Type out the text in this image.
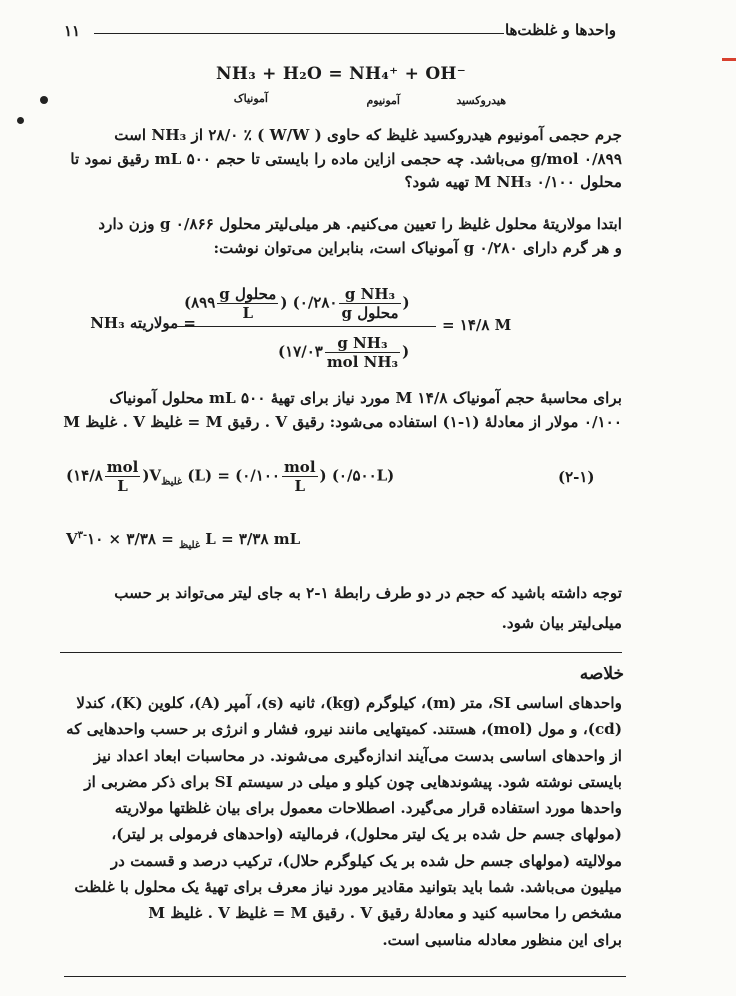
١١	واحدها و غلظت‌ها
NH₃ + H₂O = NH₄⁺ + OH⁻
آمونیاک	آمونیوم	هیدروکسید

جرم حجمی آمونیوم هیدروکسید غلیظ که حاوی ( W/W ) ٪ ۲۸/۰ از NH₃ است

g/mol ۰/۸۹۹ می‌باشد. چه حجمی ازاین ماده را بایستی تا حجم mL ۵۰۰ رقیق نمود تا

محلول M NH₃ ۰/۱۰۰ تهیه شود؟

ابتدا مولاریتهٔ محلول غلیظ را تعیین می‌کنیم. هر میلی‌لیتر محلول g ۰/۸۶۶ وزن دارد

و هر گرم دارای g ۰/۲۸۰ آمونیاک است، بنابراین می‌توان نوشت:

NH₃ مولاریته =
(۸۹۹ $\frac{\text{g محلول}}{L}$ ) (۰/۲۸۰ $\frac{\text{g NH₃}}{\text{g محلول}}$ )
(۱۷/۰۳ $\frac{\text{g NH₃}}{\text{mol NH₃}}$ )
= ۱۴/۸ M

برای محاسبهٔ حجم آمونیاک M ۱۴/۸ مورد نیاز برای تهیهٔ mL ۵۰۰ محلول آمونیاک

۰/۱۰۰ مولار از معادلهٔ (۱-۱) استفاده می‌شود: رقیق V . رقیق M = غلیظ V . غلیظ M

(۱۴/۸ $\frac{\text{mol}}{L} )V_{غلیظ}$ (L) = (۰/۱۰۰ $\frac{\text{mol}}{L}$ ) (۰/۵۰۰L)	(۲-۱)
V	$_{غلیظ}$ = ۳/۳۸ × $۱۰^{-۳}$	L = ۳/۳۸ mL

توجه داشته باشید که حجم در دو طرف رابطهٔ ۱-۲ به جای لیتر می‌تواند بر حسب

میلی‌لیتر بیان شود.

خلاصه

واحدهای اساسی SI، متر (m)، کیلوگرم (kg)، ثانیه (s)، آمپر (A)، کلوین (K)، کندلا

(cd)، و مول (mol)، هستند. کمیتهایی مانند نیرو، فشار و انرژی بر حسب واحدهایی که

از واحدهای اساسی بدست می‌آیند اندازه‌گیری می‌شوند. در محاسبات ابعاد اعداد نیز

بایستی نوشته شود. پیشوندهایی چون کیلو و میلی در سیستم SI برای ذکر مضربی از

واحدها مورد استفاده قرار می‌گیرد. اصطلاحات معمول برای بیان غلظتها مولاریته

(مولهای جسم حل شده بر یک لیتر محلول)، فرمالیته (واحدهای فرمولی بر لیتر)،

مولالیته (مولهای جسم حل شده بر یک کیلوگرم حلال)، ترکیب درصد و قسمت در

میلیون می‌باشد. شما باید بتوانید مقادیر مورد نیاز معرف برای تهیهٔ یک محلول با غلظت

مشخص را محاسبه کنید و معادلهٔ رقیق V . رقیق M = غلیظ V . غلیظ M

برای این منظور معادله مناسبی است.
